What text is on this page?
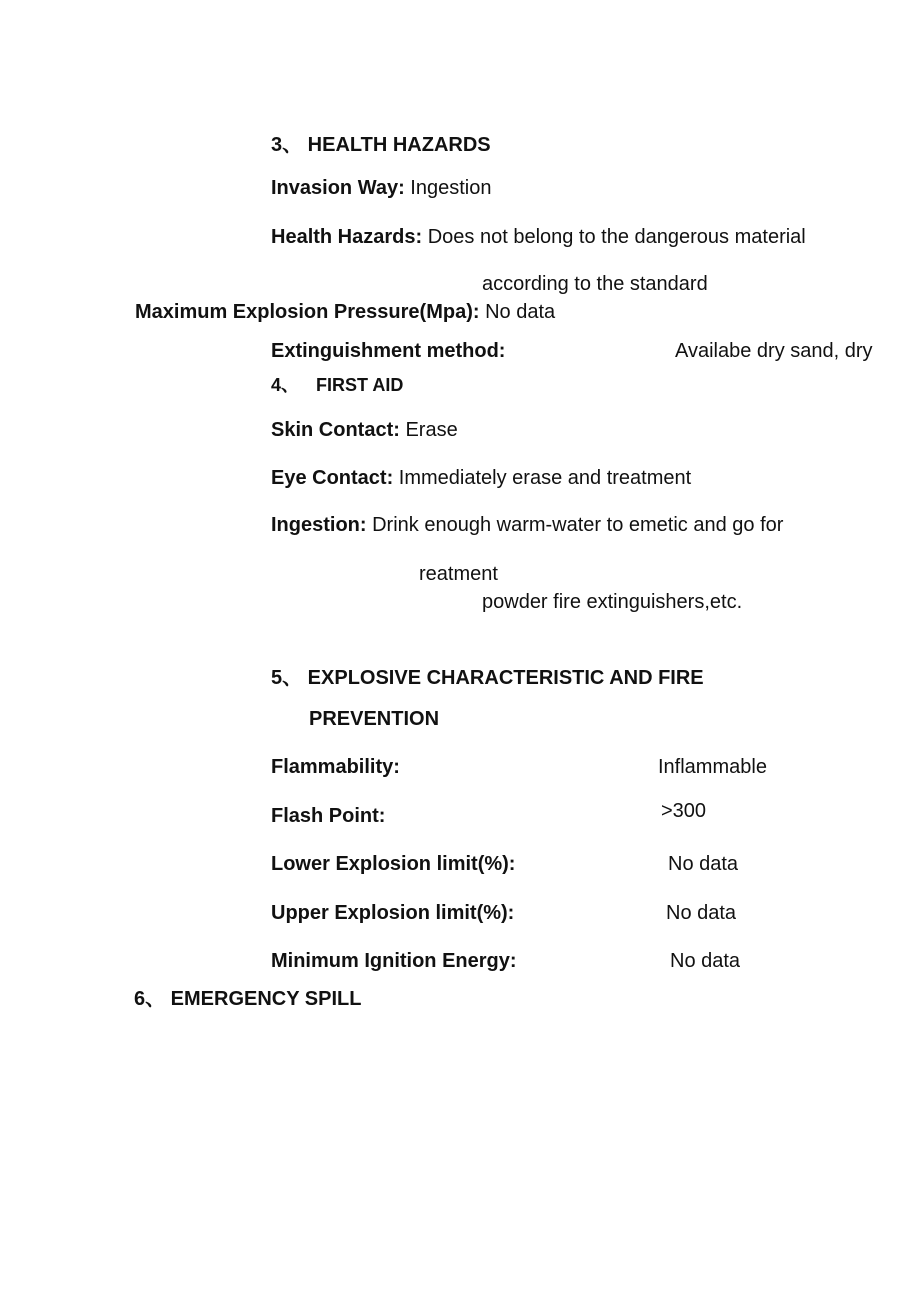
3、 HEALTH HAZARDS
Invasion Way: Ingestion
Health Hazards: Does not belong to the dangerous material
according to the standard
Maximum Explosion Pressure(Mpa): No data
Extinguishment method:	Availabe dry sand, dry
4、 FIRST AID
Skin Contact: Erase
Eye Contact: Immediately erase and treatment
Ingestion: Drink enough warm-water to emetic and go for
reatment
powder fire extinguishers,etc.
5、 EXPLOSIVE CHARACTERISTIC AND FIRE
PREVENTION
Flammability:	Inflammable
Flash Point:	>300
Lower Explosion limit(%):	No data
Upper Explosion limit(%):	No data
Minimum Ignition Energy:	No data
6、 EMERGENCY SPILL
